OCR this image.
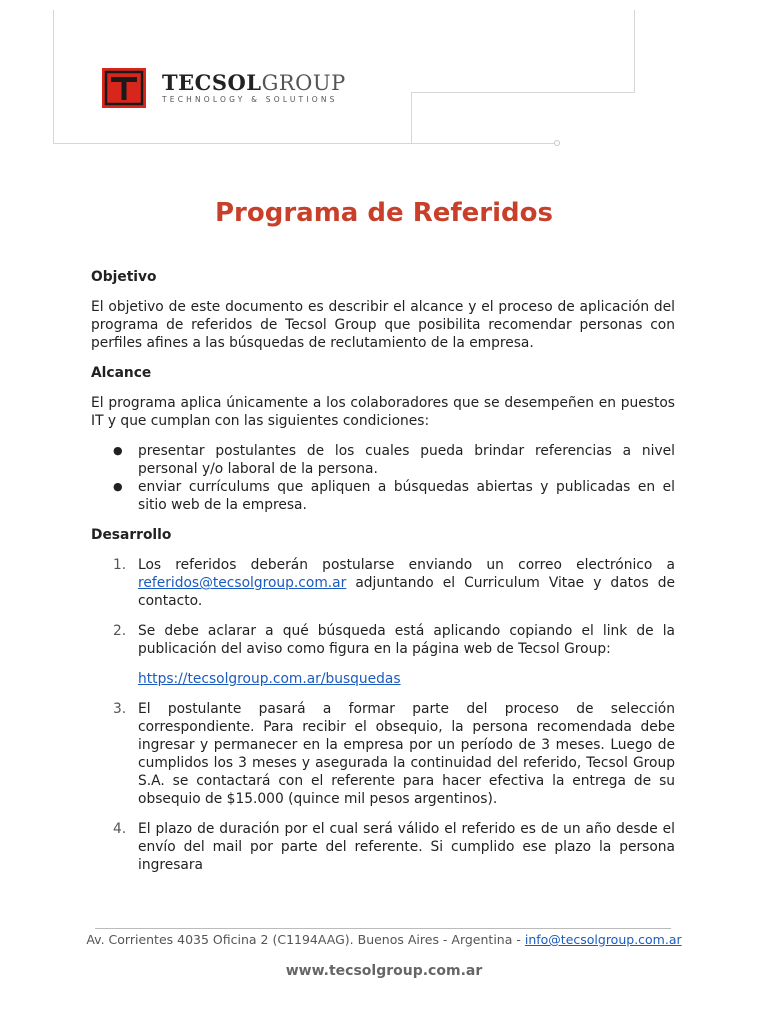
TECSOLGROUP
TECHNOLOGY & SOLUTIONS
Programa de Referidos

Objetivo

El objetivo de este documento es describir el alcance y el proceso de aplicación del programa de referidos de Tecsol Group que posibilita recomendar personas con perfiles afines a las búsquedas de reclutamiento de la empresa.

Alcance

El programa aplica únicamente a los colaboradores que se desempeñen en puestos IT y que cumplan con las siguientes condiciones:

● presentar postulantes de los cuales pueda brindar referencias a nivel personal y/o laboral de la persona.
● enviar currículums que apliquen a búsquedas abiertas y publicadas en el sitio web de la empresa.

Desarrollo

1. Los referidos deberán postularse enviando un correo electrónico a referidos@tecsolgroup.com.ar adjuntando el Curriculum Vitae y datos de contacto.

2. Se debe aclarar a qué búsqueda está aplicando copiando el link de la publicación del aviso como figura en la página web de Tecsol Group:

https://tecsolgroup.com.ar/busquedas

3. El postulante pasará a formar parte del proceso de selección correspondiente. Para recibir el obsequio, la persona recomendada debe ingresar y permanecer en la empresa por un período de 3 meses. Luego de cumplidos los 3 meses y asegurada la continuidad del referido, Tecsol Group S.A. se contactará con el referente para hacer efectiva la entrega de su obsequio de $15.000 (quince mil pesos argentinos).

4. El plazo de duración por el cual será válido el referido es de un año desde el envío del mail por parte del referente. Si cumplido ese plazo la persona ingresara

Av. Corrientes 4035 Oficina 2 (C1194AAG). Buenos Aires - Argentina - info@tecsolgroup.com.ar
www.tecsolgroup.com.ar
